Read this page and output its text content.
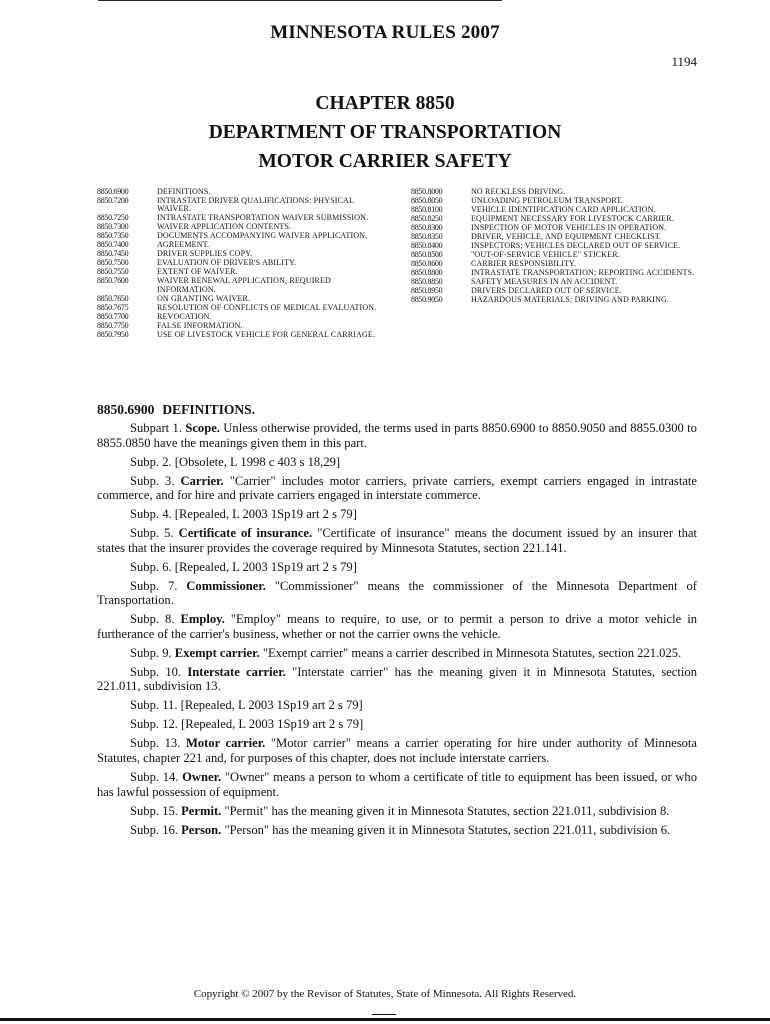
MINNESOTA RULES 2007
1194
CHAPTER 8850
DEPARTMENT OF TRANSPORTATION
MOTOR CARRIER SAFETY
8850.6900	DEFINITIONS.
8850.7200	INTRASTATE DRIVER QUALIFICATIONS: PHYSICAL WAIVER.
8850.7250	INTRASTATE TRANSPORTATION WAIVER SUBMISSION.
8850.7300	WAIVER APPLICATION CONTENTS.
8850.7350	DOCUMENTS ACCOMPANYING WAIVER APPLICATION.
8850.7400	AGREEMENT.
8850.7450	DRIVER SUPPLIES COPY.
8850.7500	EVALUATION OF DRIVER'S ABILITY.
8850.7550	EXTENT OF WAIVER.
8850.7600	WAIVER RENEWAL APPLICATION, REQUIRED INFORMATION.
8850.7650	ON GRANTING WAIVER.
8850.7675	RESOLUTION OF CONFLICTS OF MEDICAL EVALUATION.
8850.7700	REVOCATION.
8850.7750	FALSE INFORMATION.
8850.7950	USE OF LIVESTOCK VEHICLE FOR GENERAL CARRIAGE.
8850.8000	NO RECKLESS DRIVING.
8850.8050	UNLOADING PETROLEUM TRANSPORT.
8850.8100	VEHICLE IDENTIFICATION CARD APPLICATION.
8850.8250	EQUIPMENT NECESSARY FOR LIVESTOCK CARRIER.
8850.8300	INSPECTION OF MOTOR VEHICLES IN OPERATION.
8850.8350	DRIVER, VEHICLE, AND EQUIPMENT CHECKLIST.
8850.8400	INSPECTORS; VEHICLES DECLARED OUT OF SERVICE.
8850.8500	"OUT-OF-SERVICE VEHICLE" STICKER.
8850.8600	CARRIER RESPONSIBILITY.
8850.8800	INTRASTATE TRANSPORTATION; REPORTING ACCIDENTS.
8850.8850	SAFETY MEASURES IN AN ACCIDENT.
8850.8950	DRIVERS DECLARED OUT OF SERVICE.
8850.9050	HAZARDOUS MATERIALS; DRIVING AND PARKING.
8850.6900 DEFINITIONS.

Subpart 1. Scope. Unless otherwise provided, the terms used in parts 8850.6900 to 8850.9050 and 8855.0300 to 8855.0850 have the meanings given them in this part.

Subp. 2. [Obsolete, L 1998 c 403 s 18,29]

Subp. 3. Carrier. "Carrier" includes motor carriers, private carriers, exempt carriers engaged in intrastate commerce, and for hire and private carriers engaged in interstate commerce.

Subp. 4. [Repealed, L 2003 1Sp19 art 2 s 79]

Subp. 5. Certificate of insurance. "Certificate of insurance" means the document issued by an insurer that states that the insurer provides the coverage required by Minnesota Statutes, section 221.141.

Subp. 6. [Repealed, L 2003 1Sp19 art 2 s 79]

Subp. 7. Commissioner. "Commissioner" means the commissioner of the Minnesota Department of Transportation.

Subp. 8. Employ. "Employ" means to require, to use, or to permit a person to drive a motor vehicle in furtherance of the carrier's business, whether or not the carrier owns the vehicle.

Subp. 9. Exempt carrier. "Exempt carrier" means a carrier described in Minnesota Statutes, section 221.025.

Subp. 10. Interstate carrier. "Interstate carrier" has the meaning given it in Minnesota Statutes, section 221.011, subdivision 13.

Subp. 11. [Repealed, L 2003 1Sp19 art 2 s 79]

Subp. 12. [Repealed, L 2003 1Sp19 art 2 s 79]

Subp. 13. Motor carrier. "Motor carrier" means a carrier operating for hire under authority of Minnesota Statutes, chapter 221 and, for purposes of this chapter, does not include interstate carriers.

Subp. 14. Owner. "Owner" means a person to whom a certificate of title to equipment has been issued, or who has lawful possession of equipment.

Subp. 15. Permit. "Permit" has the meaning given it in Minnesota Statutes, section 221.011, subdivision 8.

Subp. 16. Person. "Person" has the meaning given it in Minnesota Statutes, section 221.011, subdivision 6.

Copyright © 2007 by the Revisor of Statutes, State of Minnesota. All Rights Reserved.
